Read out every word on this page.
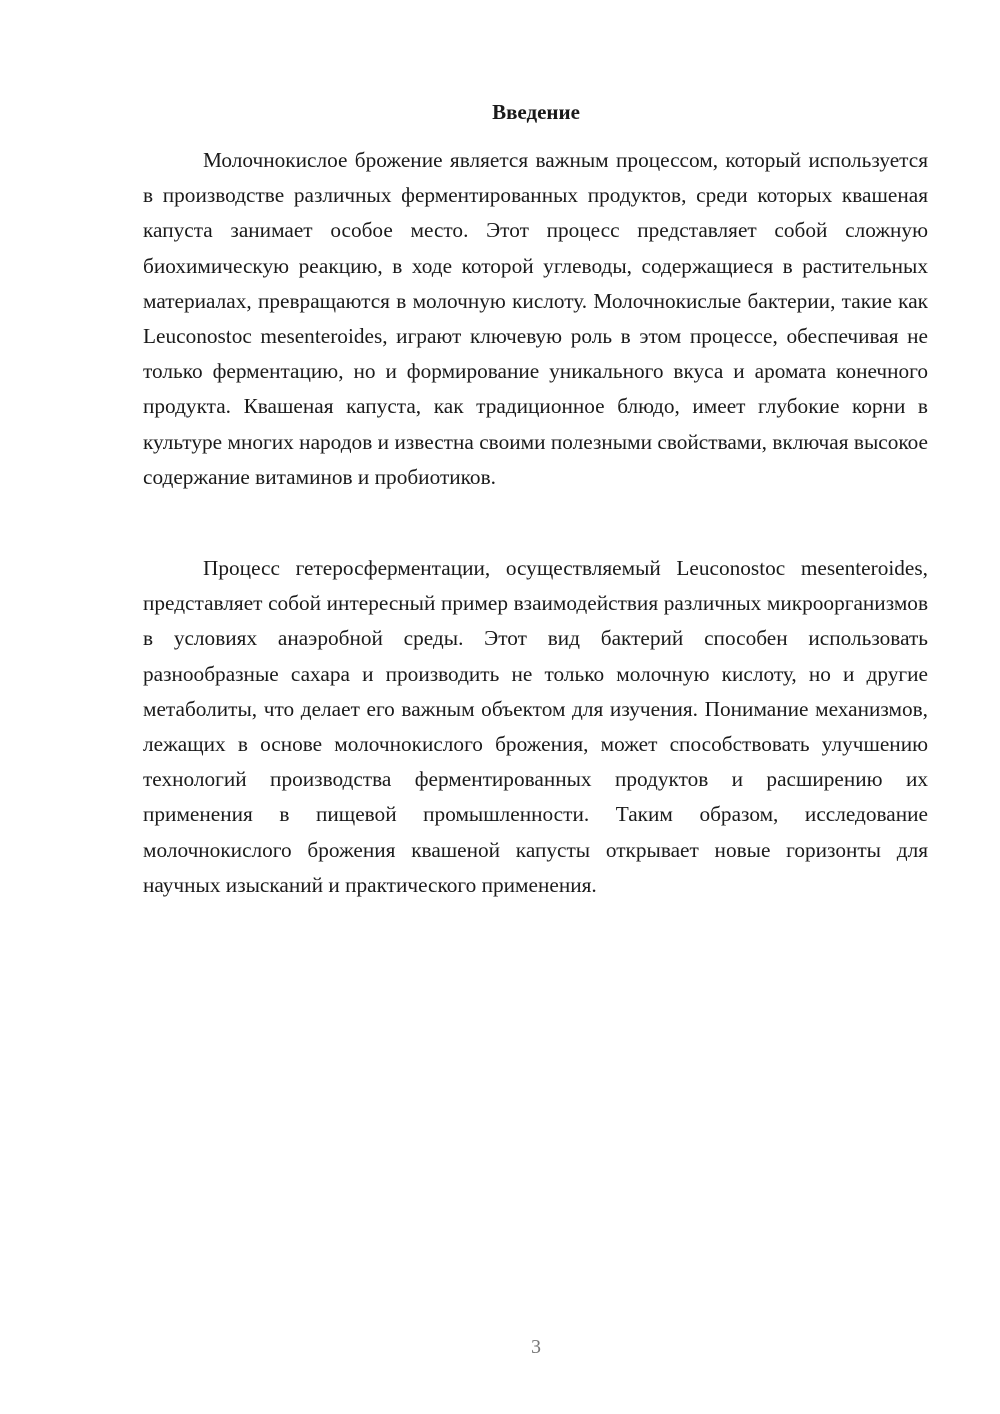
Введение

Молочнокислое брожение является важным процессом, который используется в производстве различных ферментированных продуктов, среди которых квашеная капуста занимает особое место. Этот процесс представляет собой сложную биохимическую реакцию, в ходе которой углеводы, содержащиеся в растительных материалах, превращаются в молочную кислоту. Молочнокислые бактерии, такие как Leuconostoc mesenteroides, играют ключевую роль в этом процессе, обеспечивая не только ферментацию, но и формирование уникального вкуса и аромата конечного продукта. Квашеная капуста, как традиционное блюдо, имеет глубокие корни в культуре многих народов и известна своими полезными свойствами, включая высокое содержание витаминов и пробиотиков.

Процесс гетеросферментации, осуществляемый Leuconostoc mesenteroides, представляет собой интересный пример взаимодействия различных микроорганизмов в условиях анаэробной среды. Этот вид бактерий способен использовать разнообразные сахара и производить не только молочную кислоту, но и другие метаболиты, что делает его важным объектом для изучения. Понимание механизмов, лежащих в основе молочнокислого брожения, может способствовать улучшению технологий производства ферментированных продуктов и расширению их применения в пищевой промышленности. Таким образом, исследование молочнокислого брожения квашеной капусты открывает новые горизонты для научных изысканий и практического применения.

3
